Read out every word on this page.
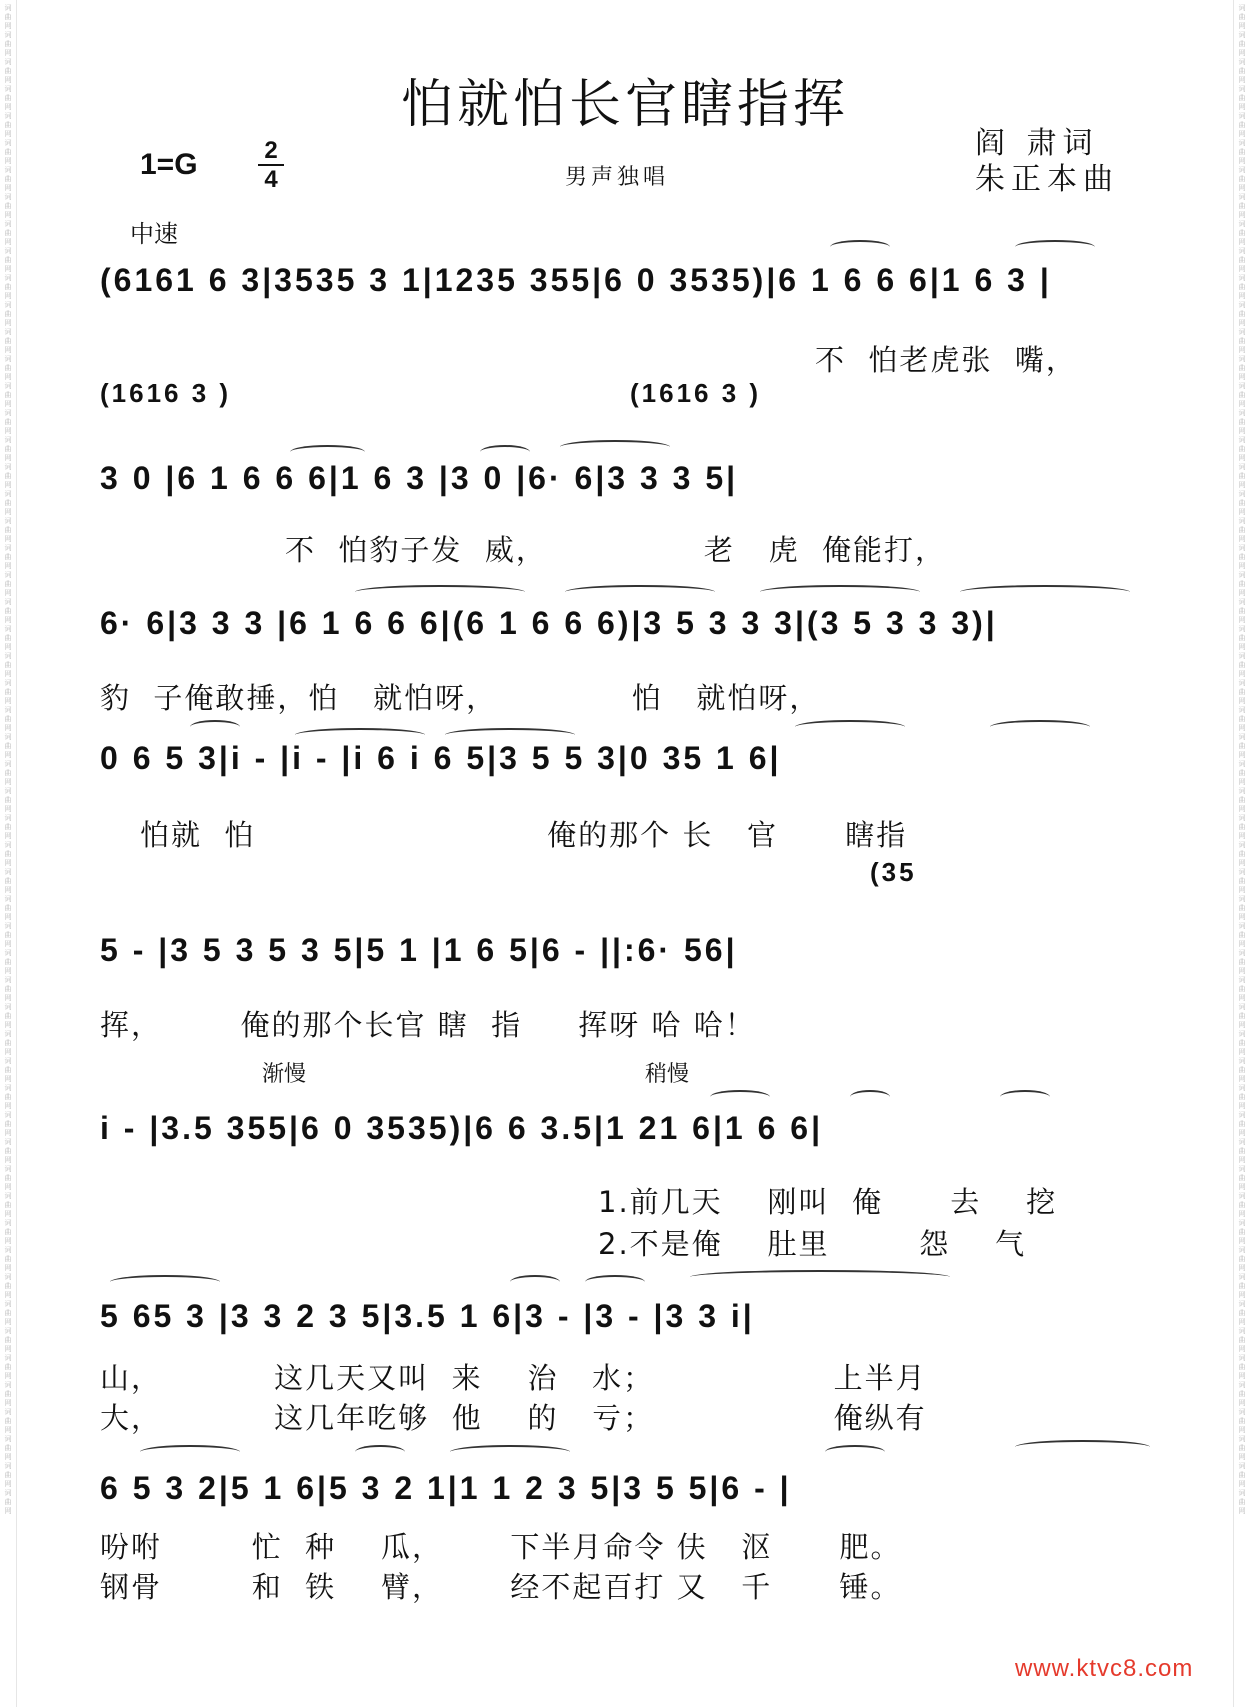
词曲网词曲网词曲网词曲网词曲网词曲网词曲网词曲网词曲网词曲网词曲网词曲网词曲网词曲网词曲网词曲网词曲网词曲网词曲网词曲网词曲网词曲网词曲网词曲网词曲网词曲网词曲网词曲网词曲网词曲网词曲网词曲网词曲网词曲网词曲网词曲网词曲网词曲网词曲网词曲网词曲网词曲网词曲网词曲网词曲网词曲网词曲网词曲网词曲网词曲网词曲网词曲网词曲网词曲网词曲网词曲网
词曲网词曲网词曲网词曲网词曲网词曲网词曲网词曲网词曲网词曲网词曲网词曲网词曲网词曲网词曲网词曲网词曲网词曲网词曲网词曲网词曲网词曲网词曲网词曲网词曲网词曲网词曲网词曲网词曲网词曲网词曲网词曲网词曲网词曲网词曲网词曲网词曲网词曲网词曲网词曲网词曲网词曲网词曲网词曲网词曲网词曲网词曲网词曲网词曲网词曲网词曲网词曲网词曲网词曲网词曲网词曲网
怕就怕长官瞎指挥
1=G	2
4	男声独唱
阎 肃词
朱正本曲
中速
(6161 6 3|3535 3 1|1235 355|6 0 3535)|6 1 6 6 6|1 6 3 |
不  怕老虎张  嘴，
(1616 3 )	(1616 3 )
3 0 |6 1 6 6 6|1 6 3 |3 0 |6· 6|3 3 3 5|
不  怕豹子发  威，              老   虎  俺能打，
6· 6|3 3 3 |6 1 6 6 6|(6 1 6 6 6)|3 5 3 3 3|(3 5 3 3 3)|
豹  子俺敢捶，怕   就怕呀，            怕   就怕呀，
0 6 5 3|i - |i - |i 6 i 6 5|3 5 5 3|0 35 1 6|
怕就  怕                          俺的那个 长   官      瞎指
(35
5 - |3 5 3 5 3 5|5 1 |1 6 5|6 - ||:6· 56|
挥，       俺的那个长官 瞎  指     挥呀 哈 哈！
渐慢	稍慢
i - |3.5 355|6 0 3535)|6 6 3.5|1 21 6|1 6 6|
1.前几天    刚叫  俺      去    挖
2.不是俺    肚里        怨    气
5 65 3 |3 3 2 3 5|3.5 1 6|3 - |3 - |3 3 i|
山，          这几天又叫  来    治   水；                上半月
大，          这几年吃够  他    的   亏；                俺纵有
6 5 3 2|5 1 6|5 3 2 1|1 1 2 3 5|3 5 5|6 - |
吩咐        忙  种    瓜，      下半月命令 伕   沤      肥。
钢骨        和  铁    臂，      经不起百打 又   千      锤。
www.ktvc8.com
